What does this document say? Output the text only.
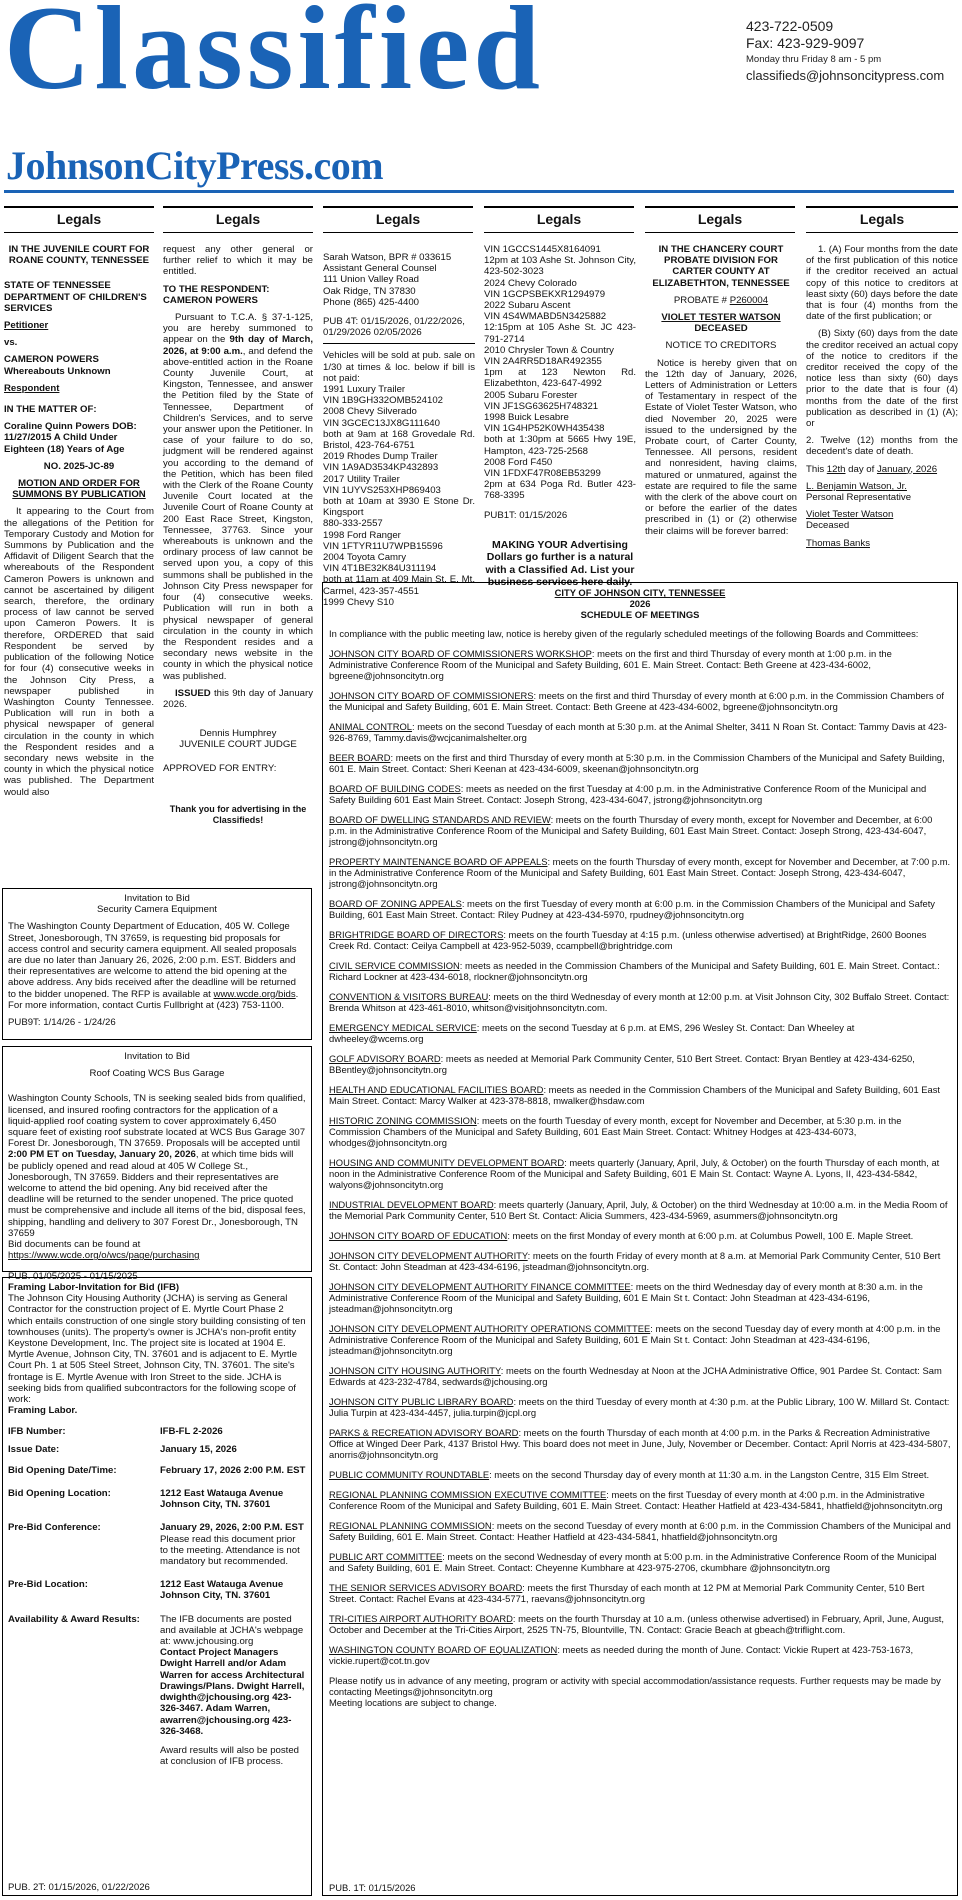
Classified
JohnsonCityPress.com
423-722-0509
Fax: 423-929-9097
Monday thru Friday 8 am - 5 pm
classifieds@johnsoncitypress.com
Legals	Legals	Legals	Legals	Legals	Legals

IN THE JUVENILE COURT FOR ROANE COUNTY, TENNESSEE

STATE OF TENNESSEE DEPARTMENT OF CHILDREN'S SERVICES

Petitioner

vs.

CAMERON POWERS Whereabouts Unknown

Respondent

IN THE MATTER OF:

Coraline Quinn Powers DOB: 11/27/2015 A Child Under Eighteen (18) Years of Age

NO. 2025-JC-89

MOTION AND ORDER FOR SUMMONS BY PUBLICATION

It appearing to the Court from the allegations of the Petition for Temporary Custody and Motion for Summons by Publication and the Affidavit of Diligent Search that the whereabouts of the Respondent Cameron Powers is unknown and cannot be ascertained by diligent search, therefore, the ordinary process of law cannot be served upon Cameron Powers. It is therefore, ORDERED that said Respondent be served by publication of the following Notice for four (4) consecutive weeks in the Johnson City Press, a newspaper published in Washington County Tennessee. Publication will run in both a physical newspaper of general circulation in the county in which the Respondent resides and a secondary news website in the county in which the physical notice was published. The Department would also

request any other general or further relief to which it may be entitled.

TO THE RESPONDENT: CAMERON POWERS

Pursuant to T.C.A. § 37-1-125, you are hereby summoned to appear on the 9th day of March, 2026, at 9:00 a.m., and defend the above-entitled action in the Roane County Juvenile Court, at Kingston, Tennessee, and answer the Petition filed by the State of Tennessee, Department of Children's Services, and to serve your answer upon the Petitioner. In case of your failure to do so, judgment will be rendered against you according to the demand of the Petition, which has been filed with the Clerk of the Roane County Juvenile Court located at the Juvenile Court of Roane County at 200 East Race Street, Kingston, Tennessee, 37763. Since your whereabouts is unknown and the ordinary process of law cannot be served upon you, a copy of this summons shall be published in the Johnson City Press newspaper for four (4) consecutive weeks. Publication will run in both a physical newspaper of general circulation in the county in which the Respondent resides and a secondary news website in the county in which the physical notice was published.

ISSUED this 9th day of January 2026.

Dennis Humphrey

JUVENILE COURT JUDGE

APPROVED FOR ENTRY:

Thank you for advertising in the Classifieds!

Sarah Watson, BPR # 033615
Assistant General Counsel
111 Union Valley Road
Oak Ridge, TN 37830
Phone (865) 425-4400

PUB 4T: 01/15/2026, 01/22/2026, 01/29/2026 02/05/2026

Vehicles will be sold at pub. sale on 1/30 at times & loc. below if bill is not paid:
1991 Luxury Trailer
VIN 1B9GH332OMB524102
2008 Chevy Silverado
VIN 3GCEC13JX8G111640
both at 9am at 168 Grovedale Rd. Bristol, 423-764-6751
2019 Rhodes Dump Trailer
VIN 1A9AD3534KP432893
2017 Utility Trailer
VIN 1UYVS253XHP869403
both at 10am at 3930 E Stone Dr. Kingsport
880-333-2557
1998 Ford Ranger
VIN 1FTYR11U7WPB15596
2004 Toyota Camry
VIN 4T1BE32K84U311194
both at 11am at 409 Main St. E. Mt. Carmel, 423-357-4551
1999 Chevy S10
VIN 1GCCS1445X8164091
12pm at 103 Ashe St. Johnson City, 423-502-3023
2024 Chevy Colorado
VIN 1GCPSBEKXR1294979
2022 Subaru Ascent
VIN 4S4WMABD5N3425882
12:15pm at 105 Ashe St. JC 423-791-2714
2010 Chrysler Town & Country
VIN 2A4RR5D18AR492355
1pm at 123 Newton Rd. Elizabethton, 423-647-4992
2005 Subaru Forester
VIN JF1SG63625H748321
1998 Buick Lesabre
VIN 1G4HP52K0WH435438
both at 1:30pm at 5665 Hwy 19E, Hampton, 423-725-2568
2008 Ford F450
VIN 1FDXF47R08EB53299
2pm at 634 Poga Rd. Butler 423-768-3395

PUB1T: 01/15/2026

MAKING YOUR Advertising Dollars go further is a natural with a Classified Ad. List your business services here daily.

IN THE CHANCERY COURT PROBATE DIVISION FOR CARTER COUNTY AT ELIZABETHTON, TENNESSEE

PROBATE # P260004

VIOLET TESTER WATSON

DECEASED

NOTICE TO CREDITORS

Notice is hereby given that on the 12th day of January, 2026, Letters of Administration or Letters of Testamentary in respect of the Estate of Violet Tester Watson, who died November 20, 2025 were issued to the undersigned by the Probate court, of Carter County, Tennessee. All persons, resident and nonresident, having claims, matured or unmatured, against the estate are required to file the same with the clerk of the above court on or before the earlier of the dates prescribed in (1) or (2) otherwise their claims will be forever barred:

1. (A) Four months from the date of the first publication of this notice if the creditor received an actual copy of this notice to creditors at least sixty (60) days before the date that is four (4) months from the date of the first publication; or

(B) Sixty (60) days from the date the creditor received an actual copy of the notice to creditors if the creditor received the copy of the notice less than sixty (60) days prior to the date that is four (4) months from the date of the first publication as described in (1) (A); or

2. Twelve (12) months from the decedent's date of death.

This 12th day of January, 2026

L. Benjamin Watson, Jr.

Personal Representative

Violet Tester Watson

Deceased

Thomas Banks

Invitation to Bid

Security Camera Equipment

The Washington County Department of Education, 405 W. College Street, Jonesborough, TN 37659, is requesting bid proposals for access control and security camera equipment. All sealed proposals are due no later than January 26, 2026, 2:00 p.m. EST. Bidders and their representatives are welcome to attend the bid opening at the above address. Any bids received after the deadline will be returned to the bidder unopened. The RFP is available at www.wcde.org/bids. For more information, contact Curtis Fullbright at (423) 753-1100.

PUB9T: 1/14/26 - 1/24/26

Invitation to Bid

Roof Coating WCS Bus Garage

Washington County Schools, TN is seeking sealed bids from qualified, licensed, and insured roofing contractors for the application of a liquid-applied roof coating system to cover approximately 6,450 square feet of existing roof substrate located at WCS Bus Garage 307 Forest Dr. Jonesborough, TN 37659. Proposals will be accepted until 2:00 PM ET on Tuesday, January 20, 2026, at which time bids will be publicly opened and read aloud at 405 W College St., Jonesborough, TN 37659. Bidders and their representatives are welcome to attend the bid opening. Any bid received after the deadline will be returned to the sender unopened. The price quoted must be comprehensive and include all items of the bid, disposal fees, shipping, handling and delivery to 307 Forest Dr., Jonesborough, TN 37659
Bid documents can be found at
https://www.wcde.org/o/wcs/page/purchasing

PUB. 01/05/2025 - 01/15/2025

Framing Labor-Invitation for Bid (IFB)

The Johnson City Housing Authority (JCHA) is serving as General Contractor for the construction project of E. Myrtle Court Phase 2 which entails construction of one single story building consisting of ten townhouses (units). The property's owner is JCHA's non-profit entity Keystone Development, Inc. The project site is located at 1904 E. Myrtle Avenue, Johnson City, TN. 37601 and is adjacent to E. Myrtle Court Ph. 1 at 505 Steel Street, Johnson City, TN. 37601. The site's frontage is E. Myrtle Avenue with Iron Street to the side. JCHA is seeking bids from qualified subcontractors for the following scope of work:

Framing Labor.

IFB Number:	IFB-FL 2-2026
Issue Date:	January 15, 2026
Bid Opening Date/Time:	February 17, 2026 2:00 P.M. EST
Bid Opening Location:	1212 East Watauga Avenue Johnson City, TN. 37601
Pre-Bid Conference:	January 29, 2026, 2:00 P.M. EST
Please read this document prior to the meeting. Attendance is not mandatory but recommended.
Pre-Bid Location:	1212 East Watauga Avenue Johnson City, TN. 37601
Availability & Award Results:	The IFB documents are posted and available at JCHA's webpage at: www.jchousing.org
Contact Project Managers Dwight Harrell and/or Adam Warren for access Architectural Drawings/Plans. Dwight Harrell, dwighth@jchousing.org 423-326-3467. Adam Warren, awarren@jchousing.org 423-326-3468.
Award results will also be posted at conclusion of IFB process.

PUB. 2T: 01/15/2026, 01/22/2026

CITY OF JOHNSON CITY, TENNESSEE
2026
SCHEDULE OF MEETINGS

In compliance with the public meeting law, notice is hereby given of the regularly scheduled meetings of the following Boards and Committees:

JOHNSON CITY BOARD OF COMMISSIONERS WORKSHOP: meets on the first and third Thursday of every month at 1:00 p.m. in the Administrative Conference Room of the Municipal and Safety Building, 601 E. Main Street. Contact: Beth Greene at 423-434-6002, bgreene@johnsoncitytn.org

JOHNSON CITY BOARD OF COMMISSIONERS: meets on the first and third Thursday of every month at 6:00 p.m. in the Commission Chambers of the Municipal and Safety Building, 601 E. Main Street. Contact: Beth Greene at 423-434-6002, bgreene@johnsoncitytn.org

ANIMAL CONTROL: meets on the second Tuesday of each month at 5:30 p.m. at the Animal Shelter, 3411 N Roan St. Contact: Tammy Davis at 423-926-8769, Tammy.davis@wcjcanimalshelter.org

BEER BOARD: meets on the first and third Thursday of every month at 5:30 p.m. in the Commission Chambers of the Municipal and Safety Building, 601 E. Main Street. Contact: Sheri Keenan at 423-434-6009, skeenan@johnsoncitytn.org

BOARD OF BUILDING CODES: meets as needed on the first Tuesday at 4:00 p.m. in the Administrative Conference Room of the Municipal and Safety Building 601 East Main Street. Contact: Joseph Strong, 423-434-6047, jstrong@johnsoncitytn.org

BOARD OF DWELLING STANDARDS AND REVIEW: meets on the fourth Thursday of every month, except for November and December, at 6:00 p.m. in the Administrative Conference Room of the Municipal and Safety Building, 601 East Main Street. Contact: Joseph Strong, 423-434-6047, jstrong@johnsoncitytn.org

PROPERTY MAINTENANCE BOARD OF APPEALS: meets on the fourth Thursday of every month, except for November and December, at 7:00 p.m. in the Administrative Conference Room of the Municipal and Safety Building, 601 East Main Street. Contact: Joseph Strong, 423-434-6047, jstrong@johnsoncitytn.org

BOARD OF ZONING APPEALS: meets on the first Tuesday of every month at 6:00 p.m. in the Commission Chambers of the Municipal and Safety Building, 601 East Main Street. Contact: Riley Pudney at 423-434-5970, rpudney@johnsoncitytn.org

BRIGHTRIDGE BOARD OF DIRECTORS: meets on the fourth Tuesday at 4:15 p.m. (unless otherwise advertised) at BrightRidge, 2600 Boones Creek Rd. Contact: Ceilya Campbell at 423-952-5039, ccampbell@brightridge.com

CIVIL SERVICE COMMISSION: meets as needed in the Commission Chambers of the Municipal and Safety Building, 601 E. Main Street. Contact.: Richard Lockner at 423-434-6018, rlockner@johnsoncitytn.org

CONVENTION & VISITORS BUREAU: meets on the third Wednesday of every month at 12:00 p.m. at Visit Johnson City, 302 Buffalo Street. Contact: Brenda Whitson at 423-461-8010, whitson@visitjohnsoncitytn.com.

EMERGENCY MEDICAL SERVICE: meets on the second Tuesday at 6 p.m. at EMS, 296 Wesley St. Contact: Dan Wheeley at dwheeley@wcems.org

GOLF ADVISORY BOARD: meets as needed at Memorial Park Community Center, 510 Bert Street. Contact: Bryan Bentley at 423-434-6250, BBentley@johnsoncitytn.org

HEALTH AND EDUCATIONAL FACILITIES BOARD: meets as needed in the Commission Chambers of the Municipal and Safety Building, 601 East Main Street. Contact: Marcy Walker at 423-378-8818, mwalker@hsdaw.com

HISTORIC ZONING COMMISSION: meets on the fourth Tuesday of every month, except for November and December, at 5:30 p.m. in the Commission Chambers of the Municipal and Safety Building, 601 East Main Street. Contact: Whitney Hodges at 423-434-6073, whodges@johnsoncitytn.org

HOUSING AND COMMUNITY DEVELOPMENT BOARD: meets quarterly (January, April, July, & October) on the fourth Thursday of each month, at noon in the Administrative Conference Room of the Municipal and Safety Building, 601 E Main St. Contact: Wayne A. Lyons, II, 423-434-5842, walyons@johnsoncitytn.org

INDUSTRIAL DEVELOPMENT BOARD: meets quarterly (January, April, July, & October) on the third Wednesday at 10:00 a.m. in the Media Room of the Memorial Park Community Center, 510 Bert St. Contact: Alicia Summers, 423-434-5969, asummers@johnsoncitytn.org

JOHNSON CITY BOARD OF EDUCATION: meets on the first Monday of every month at 6:00 p.m. at Columbus Powell, 100 E. Maple Street.

JOHNSON CITY DEVELOPMENT AUTHORITY: meets on the fourth Friday of every month at 8 a.m. at Memorial Park Community Center, 510 Bert St. Contact: John Steadman at 423-434-6196, jsteadman@johnsoncitytn.org.

JOHNSON CITY DEVELOPMENT AUTHORITY FINANCE COMMITTEE: meets on the third Wednesday day of every month at 8:30 a.m. in the Administrative Conference Room of the Municipal and Safety Building, 601 E Main St t. Contact: John Steadman at 423-434-6196, jsteadman@johnsoncitytn.org

JOHNSON CITY DEVELOPMENT AUTHORITY OPERATIONS COMMITTEE: meets on the second Tuesday day of every month at 4:00 p.m. in the Administrative Conference Room of the Municipal and Safety Building, 601 E Main St t. Contact: John Steadman at 423-434-6196, jsteadman@johnsoncitytn.org

JOHNSON CITY HOUSING AUTHORITY: meets on the fourth Wednesday at Noon at the JCHA Administrative Office, 901 Pardee St. Contact: Sam Edwards at 423-232-4784, sedwards@jchousing.org

JOHNSON CITY PUBLIC LIBRARY BOARD: meets on the third Tuesday of every month at 4:30 p.m. at the Public Library, 100 W. Millard St. Contact: Julia Turpin at 423-434-4457, julia.turpin@jcpl.org

PARKS & RECREATION ADVISORY BOARD: meets on the fourth Thursday of each month at 4:00 p.m. in the Parks & Recreation Administrative Office at Winged Deer Park, 4137 Bristol Hwy. This board does not meet in June, July, November or December. Contact: April Norris at 423-434-5807, anorris@johnsoncitytn.org

PUBLIC COMMUNITY ROUNDTABLE: meets on the second Thursday day of every month at 11:30 a.m. in the Langston Centre, 315 Elm Street.

REGIONAL PLANNING COMMISSION EXECUTIVE COMMITTEE: meets on the first Tuesday of every month at 4:00 p.m. in the Administrative Conference Room of the Municipal and Safety Building, 601 E. Main Street. Contact: Heather Hatfield at 423-434-5841, hhatfield@johnsoncitytn.org

REGIONAL PLANNING COMMISSION: meets on the second Tuesday of every month at 6:00 p.m. in the Commission Chambers of the Municipal and Safety Building, 601 E. Main Street. Contact: Heather Hatfield at 423-434-5841, hhatfield@johnsoncitytn.org

PUBLIC ART COMMITTEE: meets on the second Wednesday of every month at 5:00 p.m. in the Administrative Conference Room of the Municipal and Safety Building, 601 E. Main Street. Contact: Cheyenne Kumbhare at 423-975-2706, ckumbhare @johnsoncitytn.org

THE SENIOR SERVICES ADVISORY BOARD: meets the first Thursday of each month at 12 PM at Memorial Park Community Center, 510 Bert Street. Contact: Rachel Evans at 423-434-5771, raevans@johnsoncitytn.org

TRI-CITIES AIRPORT AUTHORITY BOARD: meets on the fourth Thursday at 10 a.m. (unless otherwise advertised) in February, April, June, August, October and December at the Tri-Cities Airport, 2525 TN-75, Blountville, TN. Contact: Gracie Beach at gbeach@triflight.com.

WASHINGTON COUNTY BOARD OF EQUALIZATION: meets as needed during the month of June. Contact: Vickie Rupert at 423-753-1673, vickie.rupert@cot.tn.gov

Please notify us in advance of any meeting, program or activity with special accommodation/assistance requests. Further requests may be made by contacting Meetings@johnsoncitytn.org

Meeting locations are subject to change.

PUB. 1T: 01/15/2026
